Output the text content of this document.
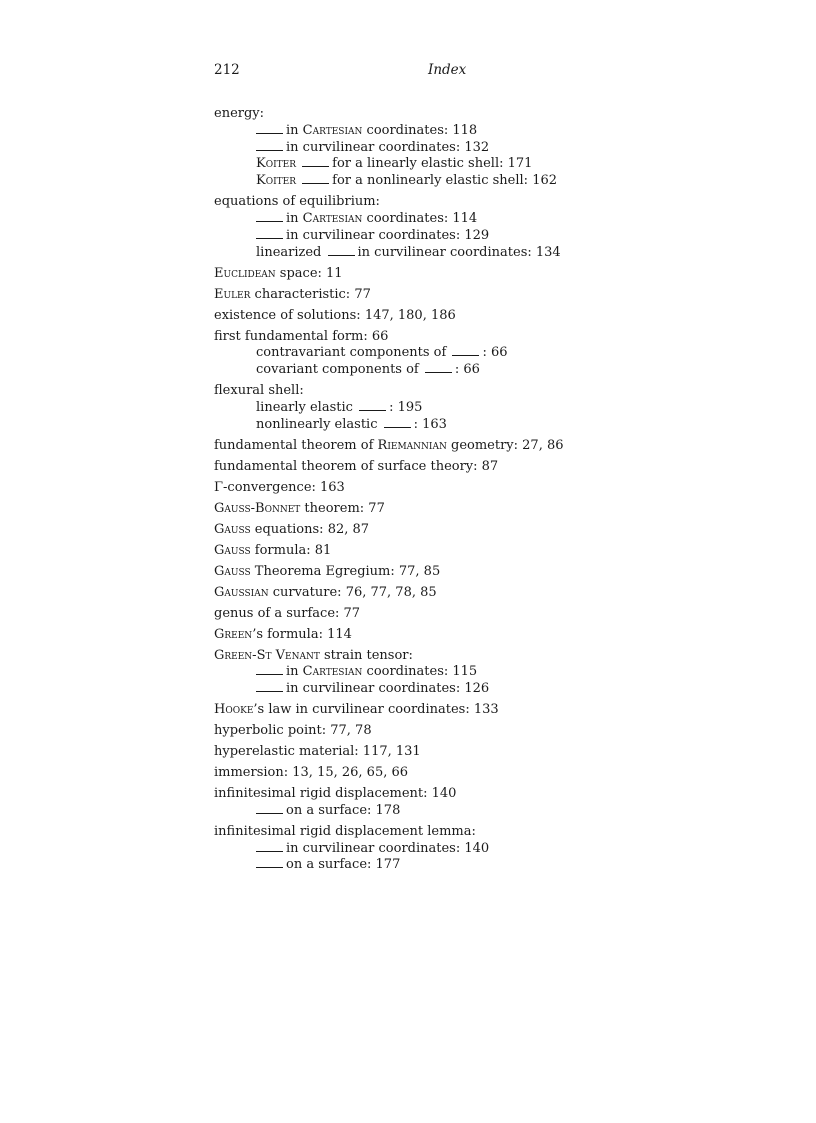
212	Index
energy:
in Cartesian coordinates: 118
in curvilinear coordinates: 132
Koiter	for a linearly elastic shell: 171
Koiter	for a nonlinearly elastic shell: 162
equations of equilibrium:
in Cartesian coordinates: 114
in curvilinear coordinates: 129
linearized in curvilinear coordinates: 134
Euclidean space: 11
Euler characteristic: 77
existence of solutions: 147, 180, 186
first fundamental form: 66
contravariant components of : 66
covariant components of : 66
flexural shell:
linearly elastic : 195
nonlinearly elastic : 163
fundamental theorem of Riemannian geometry: 27, 86
fundamental theorem of surface theory: 87
Γ-convergence: 163
Gauss-Bonnet theorem: 77
Gauss equations: 82, 87
Gauss formula: 81
Gauss Theorema Egregium: 77, 85
Gaussian curvature: 76, 77, 78, 85
genus of a surface: 77
Green’s formula: 114
Green-St Venant strain tensor:
in Cartesian coordinates: 115
in curvilinear coordinates: 126
Hooke’s law in curvilinear coordinates: 133
hyperbolic point: 77, 78
hyperelastic material: 117, 131
immersion: 13, 15, 26, 65, 66
infinitesimal rigid displacement: 140
on a surface: 178
infinitesimal rigid displacement lemma:
in curvilinear coordinates: 140
on a surface: 177
